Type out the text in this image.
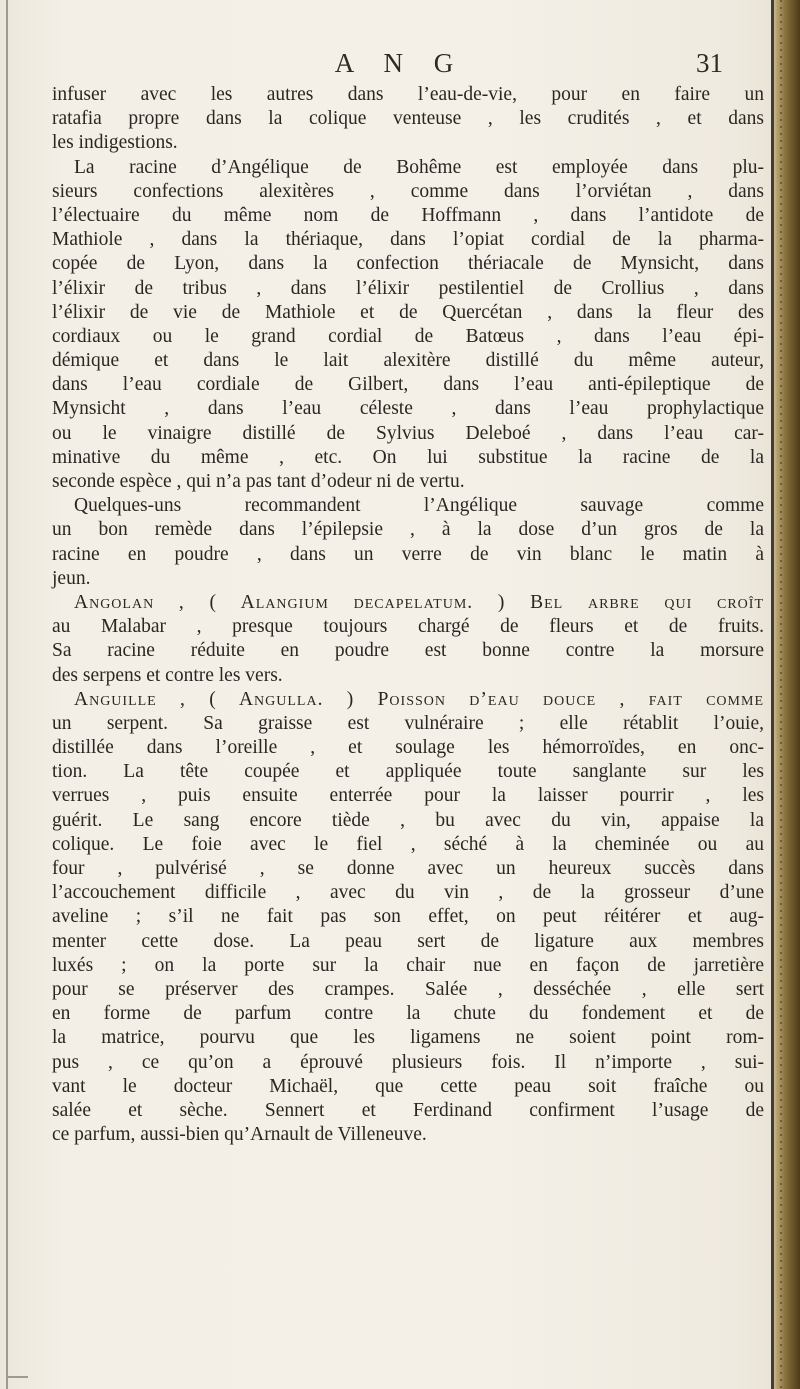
A N G	31
infuser avec les autres dans l’eau-de-vie, pour en faire un
ratafia propre dans la colique venteuse , les crudités , et dans
les indigestions.
La racine d’Angélique de Bohême est employée dans plu-
sieurs confections alexitères , comme dans l’orviétan , dans
l’électuaire du même nom de Hoffmann , dans l’antidote de
Mathiole , dans la thériaque, dans l’opiat cordial de la pharma-
copée de Lyon, dans la confection thériacale de Mynsicht, dans
l’élixir de tribus , dans l’élixir pestilentiel de Crollius , dans
l’élixir de vie de Mathiole et de Quercétan , dans la fleur des
cordiaux ou le grand cordial de Batœus , dans l’eau épi-
démique et dans le lait alexitère distillé du même auteur,
dans l’eau cordiale de Gilbert, dans l’eau anti-épileptique de
Mynsicht , dans l’eau céleste , dans l’eau prophylactique
ou le vinaigre distillé de Sylvius Deleboé , dans l’eau car-
minative du même , etc. On lui substitue la racine de la
seconde espèce , qui n’a pas tant d’odeur ni de vertu.
Quelques-uns recommandent l’Angélique sauvage comme
un bon remède dans l’épilepsie , à la dose d’un gros de la
racine en poudre , dans un verre de vin blanc le matin à
jeun.
Angolan , ( Alangium decapelatum. ) Bel arbre qui croît
au Malabar , presque toujours chargé de fleurs et de fruits.
Sa racine réduite en poudre est bonne contre la morsure
des serpens et contre les vers.
Anguille , ( Angulla. ) Poisson d’eau douce , fait comme
un serpent. Sa graisse est vulnéraire ; elle rétablit l’ouie,
distillée dans l’oreille , et soulage les hémorroïdes, en onc-
tion. La tête coupée et appliquée toute sanglante sur les
verrues , puis ensuite enterrée pour la laisser pourrir , les
guérit. Le sang encore tiède , bu avec du vin, appaise la
colique. Le foie avec le fiel , séché à la cheminée ou au
four , pulvérisé , se donne avec un heureux succès dans
l’accouchement difficile , avec du vin , de la grosseur d’une
aveline ; s’il ne fait pas son effet, on peut réitérer et aug-
menter cette dose. La peau sert de ligature aux membres
luxés ; on la porte sur la chair nue en façon de jarretière
pour se préserver des crampes. Salée , desséchée , elle sert
en forme de parfum contre la chute du fondement et de
la matrice, pourvu que les ligamens ne soient point rom-
pus , ce qu’on a éprouvé plusieurs fois. Il n’importe , sui-
vant le docteur Michaël, que cette peau soit fraîche ou
salée et sèche. Sennert et Ferdinand confirment l’usage de
ce parfum, aussi-bien qu’Arnault de Villeneuve.
